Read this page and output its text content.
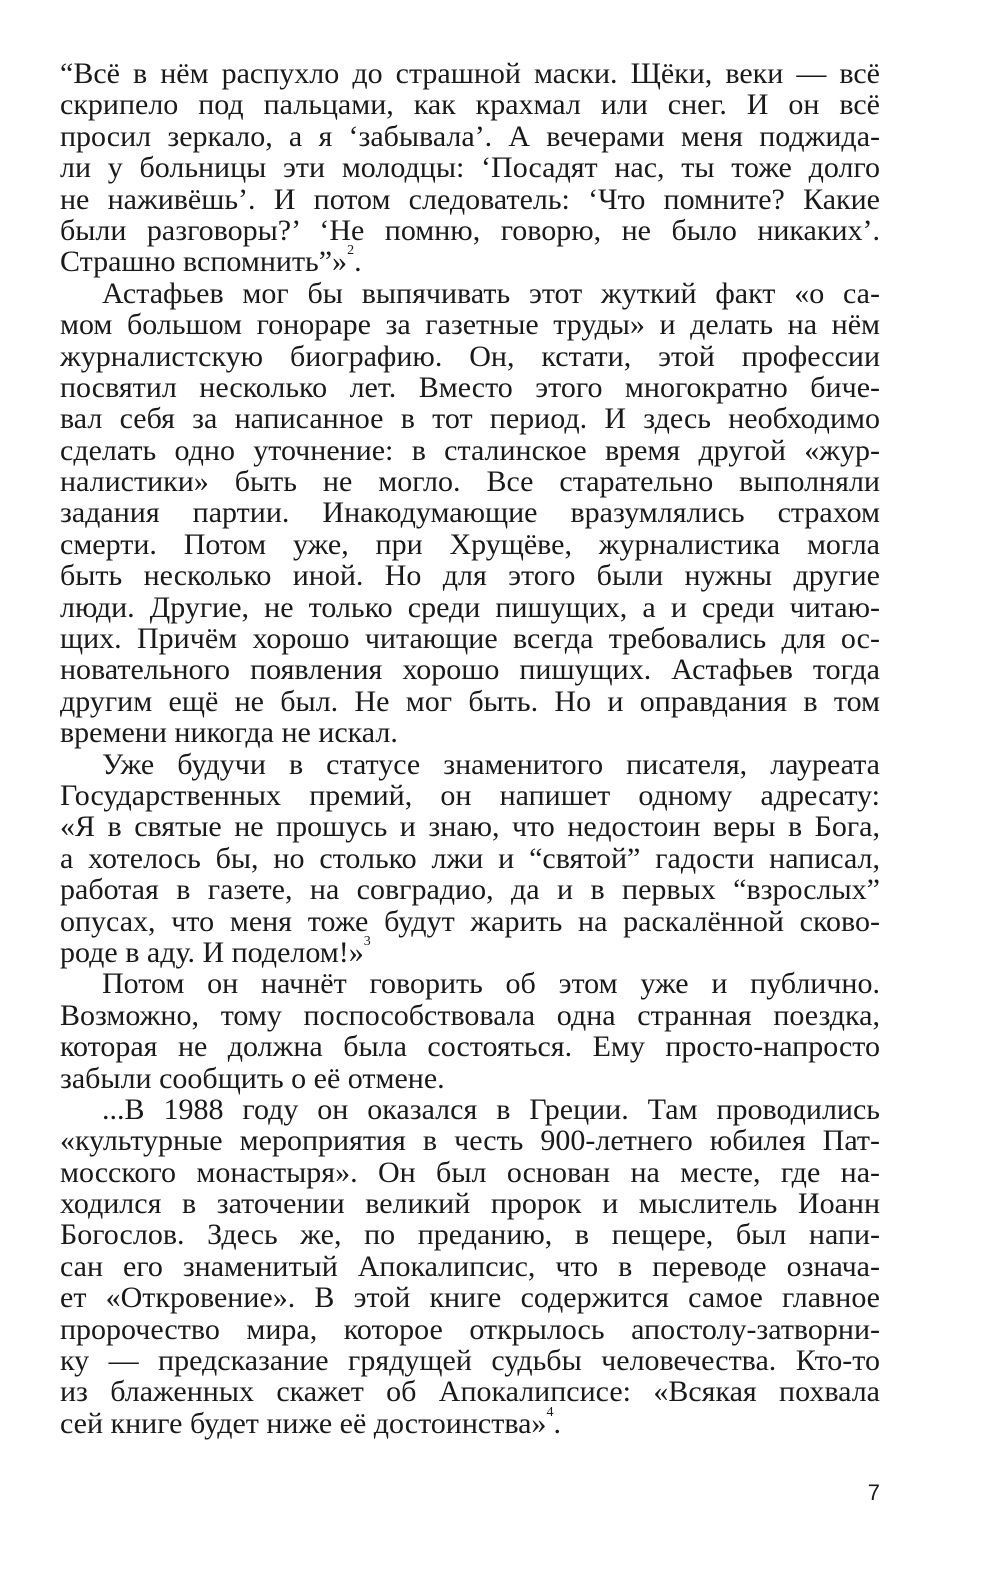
“Всё в нём распухло до страшной маски. Щёки, веки — всё
скрипело под пальцами, как крахмал или снег. И он всё
просил зеркало, а я ‘забывала’. А вечерами меня поджида-
ли у больницы эти молодцы: ‘Посадят нас, ты тоже долго
не наживёшь’. И потом следователь: ‘Что помните? Какие
были разговоры?’ ‘Не помню, говорю, не было никаких’.
Страшно вспомнить”»$^2$.
Астафьев мог бы выпячивать этот жуткий факт «о са-
мом большом гонораре за газетные труды» и делать на нём
журналистскую биографию. Он, кстати, этой профессии
посвятил несколько лет. Вместо этого многократно биче-
вал себя за написанное в тот период. И здесь необходимо
сделать одно уточнение: в сталинское время другой «жур-
налистики» быть не могло. Все старательно выполняли
задания партии. Инакодумающие вразумлялись страхом
смерти. Потом уже, при Хрущёве, журналистика могла
быть несколько иной. Но для этого были нужны другие
люди. Другие, не только среди пишущих, а и среди читаю-
щих. Причём хорошо читающие всегда требовались для ос-
новательного появления хорошо пишущих. Астафьев тогда
другим ещё не был. Не мог быть. Но и оправдания в том
времени никогда не искал.
Уже будучи в статусе знаменитого писателя, лауреата
Государственных премий, он напишет одному адресату:
«Я в святые не прошусь и знаю, что недостоин веры в Бога,
а хотелось бы, но столько лжи и “святой” гадости написал,
работая в газете, на совградио, да и в первых “взрослых”
опусах, что меня тоже будут жарить на раскалённой сково-
роде в аду. И поделом!»$^3$
Потом он начнёт говорить об этом уже и публично.
Возможно, тому поспособствовала одна странная поездка,
которая не должна была состояться. Ему просто-напросто
забыли сообщить о её отмене.
...В 1988 году он оказался в Греции. Там проводились
«культурные мероприятия в честь 900-летнего юбилея Пат-
мосского монастыря». Он был основан на месте, где на-
ходился в заточении великий пророк и мыслитель Иоанн
Богослов. Здесь же, по преданию, в пещере, был напи-
сан его знаменитый Апокалипсис, что в переводе означа-
ет «Откровение». В этой книге содержится самое главное
пророчество мира, которое открылось апостолу-затворни-
ку — предсказание грядущей судьбы человечества. Кто-то
из блаженных скажет об Апокалипсисе: «Всякая похвала
сей книге будет ниже её достоинства»$^4$.
7
